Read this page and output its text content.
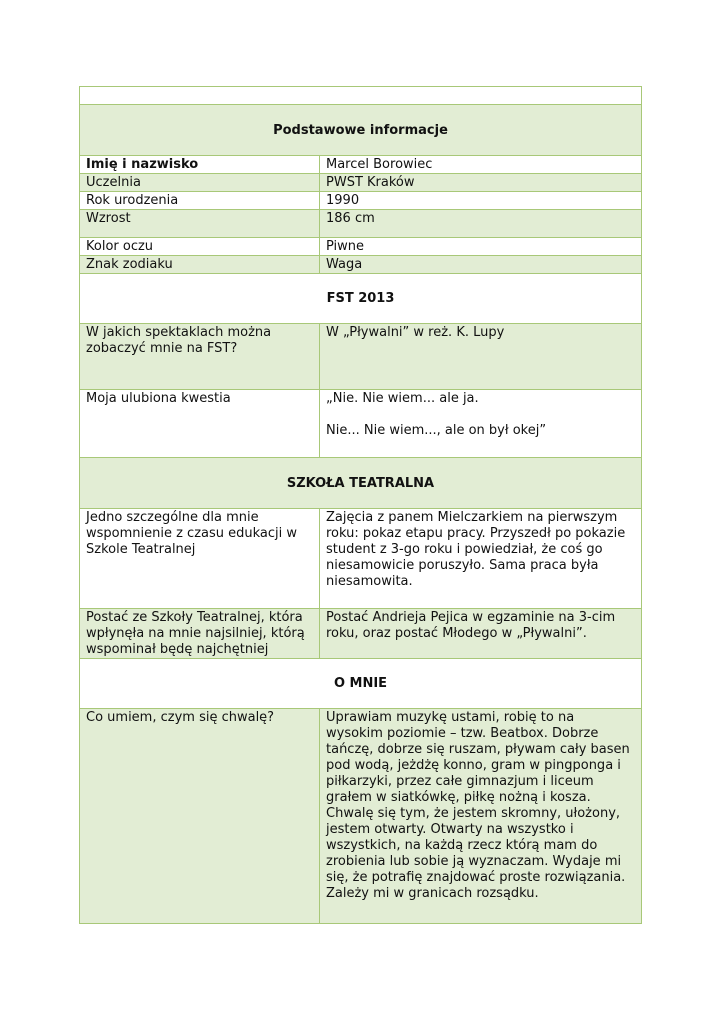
Podstawowe informacje	
Imię i nazwisko	Marcel Borowiec
Uczelnia	PWST Kraków
Rok urodzenia	1990
Wzrost	186 cm
Kolor oczu	Piwne
Znak zodiaku	Waga
FST 2013	
W jakich spektaklach można zobaczyć mnie na FST?	W „Pływalni” w reż. K. Lupy
Moja ulubiona kwestia	„Nie. Nie wiem... ale ja.
Nie... Nie wiem..., ale on był okej”

SZKOŁA TEATRALNA	
Jedno szczególne dla mnie wspomnienie z czasu edukacji w Szkole Teatralnej	Zajęcia z panem Mielczarkiem na pierwszym roku: pokaz etapu pracy. Przyszedł po pokazie student z 3-go roku i powiedział, że coś go niesamowicie poruszyło. Sama praca była niesamowita.
Postać ze Szkoły Teatralnej, która wpłynęła na mnie najsilniej, którą wspominał będę najchętniej	Postać Andrieja Pejica w egzaminie na 3-cim roku, oraz postać Młodego w „Pływalni”.
O MNIE	
Co umiem, czym się chwalę?	Uprawiam muzykę ustami, robię to na wysokim poziomie – tzw. Beatbox. Dobrze tańczę, dobrze się ruszam, pływam cały basen pod wodą, jeżdżę konno, gram w pingponga i piłkarzyki, przez całe gimnazjum i liceum grałem w siatkówkę, piłkę nożną i kosza. Chwalę się tym, że jestem skromny, ułożony, jestem otwarty. Otwarty na wszystko i wszystkich, na każdą rzecz którą mam do zrobienia lub sobie ją wyznaczam. Wydaje mi się, że potrafię znajdować proste rozwiązania. Zależy mi w granicach rozsądku.
